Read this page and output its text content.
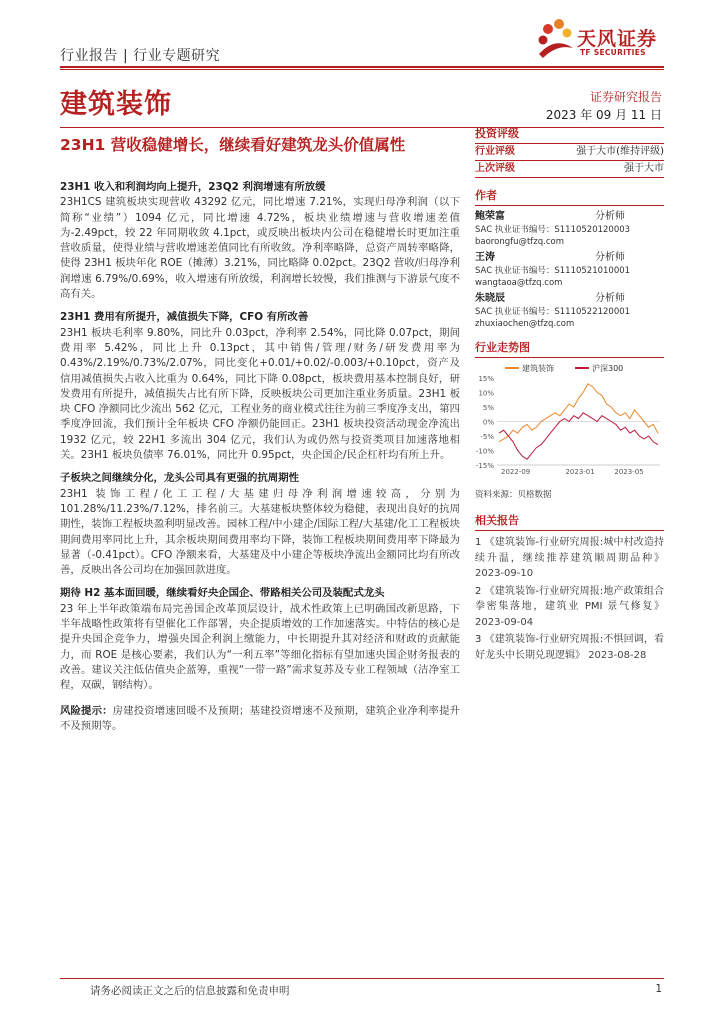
行业报告 | 行业专题研究
天风证券
TF SECURITIES
建筑装饰	证券研究报告
2023 年 09 月 11 日
23H1 营收稳健增长，继续看好建筑龙头价值属性
23H1 收入和利润均向上提升，23Q2 利润增速有所放缓

23H1CS 建筑板块实现营收 43292 亿元，同比增速 7.21%，实现归母净利润（以下简称“业绩”）1094 亿元，同比增速 4.72%，板块业绩增速与营收增速差值为-2.49pct，较 22 年同期收敛 4.1pct，或反映出板块内公司在稳健增长时更加注重营收质量，使得业绩与营收增速差值同比有所收敛。净利率略降，总资产周转率略降，使得 23H1 板块年化 ROE（摊薄）3.21%，同比略降 0.02pct。23Q2 营收/归母净利润增速 6.79%/0.69%，收入增速有所放缓，利润增长较慢，我们推测与下游景气度不高有关。

23H1 费用有所提升，减值损失下降，CFO 有所改善

23H1 板块毛利率 9.80%，同比升 0.03pct，净利率 2.54%，同比降 0.07pct，期间费用率 5.42%，同比上升 0.13pct，其中销售/管理/财务/研发费用率为 0.43%/2.19%/0.73%/2.07%，同比变化+0.01/+0.02/-0.003/+0.10pct，资产及信用减值损失占收入比重为 0.64%，同比下降 0.08pct，板块费用基本控制良好，研发费用有所提升，减值损失占比有所下降，反映板块公司更加注重业务质量。23H1 板块 CFO 净额同比少流出 562 亿元，工程业务的商业模式往往为前三季度净支出，第四季度净回流，我们预计全年板块 CFO 净额仍能回正。23H1 板块投资活动现金净流出 1932 亿元，较 22H1 多流出 304 亿元，我们认为或仍然与投资类项目加速落地相关。23H1 板块负债率 76.01%，同比升 0.95pct，央企国企/民企杠杆均有所上升。

子板块之间继续分化，龙头公司具有更强的抗周期性

23H1 装饰工程/化工工程/大基建归母净利润增速较高，分别为 101.28%/11.23%/7.12%，排名前三。大基建板块整体较为稳健，表现出良好的抗周期性，装饰工程板块盈利明显改善。园林工程/中小建企/国际工程/大基建/化工工程板块期间费用率同比上升，其余板块期间费用率均下降，装饰工程板块期间费用率下降最为显著（-0.41pct）。CFO 净额来看，大基建及中小建企等板块净流出金额同比均有所改善，反映出各公司均在加强回款进度。

期待 H2 基本面回暖，继续看好央企国企、带路相关公司及装配式龙头

23 年上半年政策端布局完善国企改革顶层设计，战术性政策上已明确国改新思路，下半年战略性政策将有望催化工作部署，央企提质增效的工作加速落实。中特估的核心是提升央国企竞争力，增强央国企利润上缴能力，中长期提升其对经济和财政的贡献能力，而 ROE 是核心要素，我们认为“一利五率”等细化指标有望加速央国企财务报表的改善。建议关注低估值央企蓝筹，重视“一带一路”需求复苏及专业工程领域（洁净室工程，双碳，钢结构）。

风险提示：房建投资增速回暖不及预期；基建投资增速不及预期，建筑企业净利率提升不及预期等。

投资评级
行业评级	强于大市(维持评级)
上次评级	强于大市
作者
鲍荣富	分析师
SAC 执业证书编号：S1110520120003
baorongfu@tfzq.com
王涛	分析师
SAC 执业证书编号：S1110521010001
wangtaoa@tfzq.com
朱晓辰	分析师
SAC 执业证书编号：S1110522120001
zhuxiaochen@tfzq.com
行业走势图
建筑装饰	沪深300
15%
10%
5%
0%
-5%
-10%
-15%
2022-09	2023-01	2023-05
资料来源：贝格数据
相关报告

1 《建筑装饰-行业研究周报:城中村改造持续升温，继续推荐建筑顺周期品种》 2023-09-10

2 《建筑装饰-行业研究周报:地产政策组合拳密集落地，建筑业 PMI 景气修复》 2023-09-04

3 《建筑装饰-行业研究周报:不惧回调，看好龙头中长期兑现逻辑》 2023-08-28

请务必阅读正文之后的信息披露和免责申明	1
